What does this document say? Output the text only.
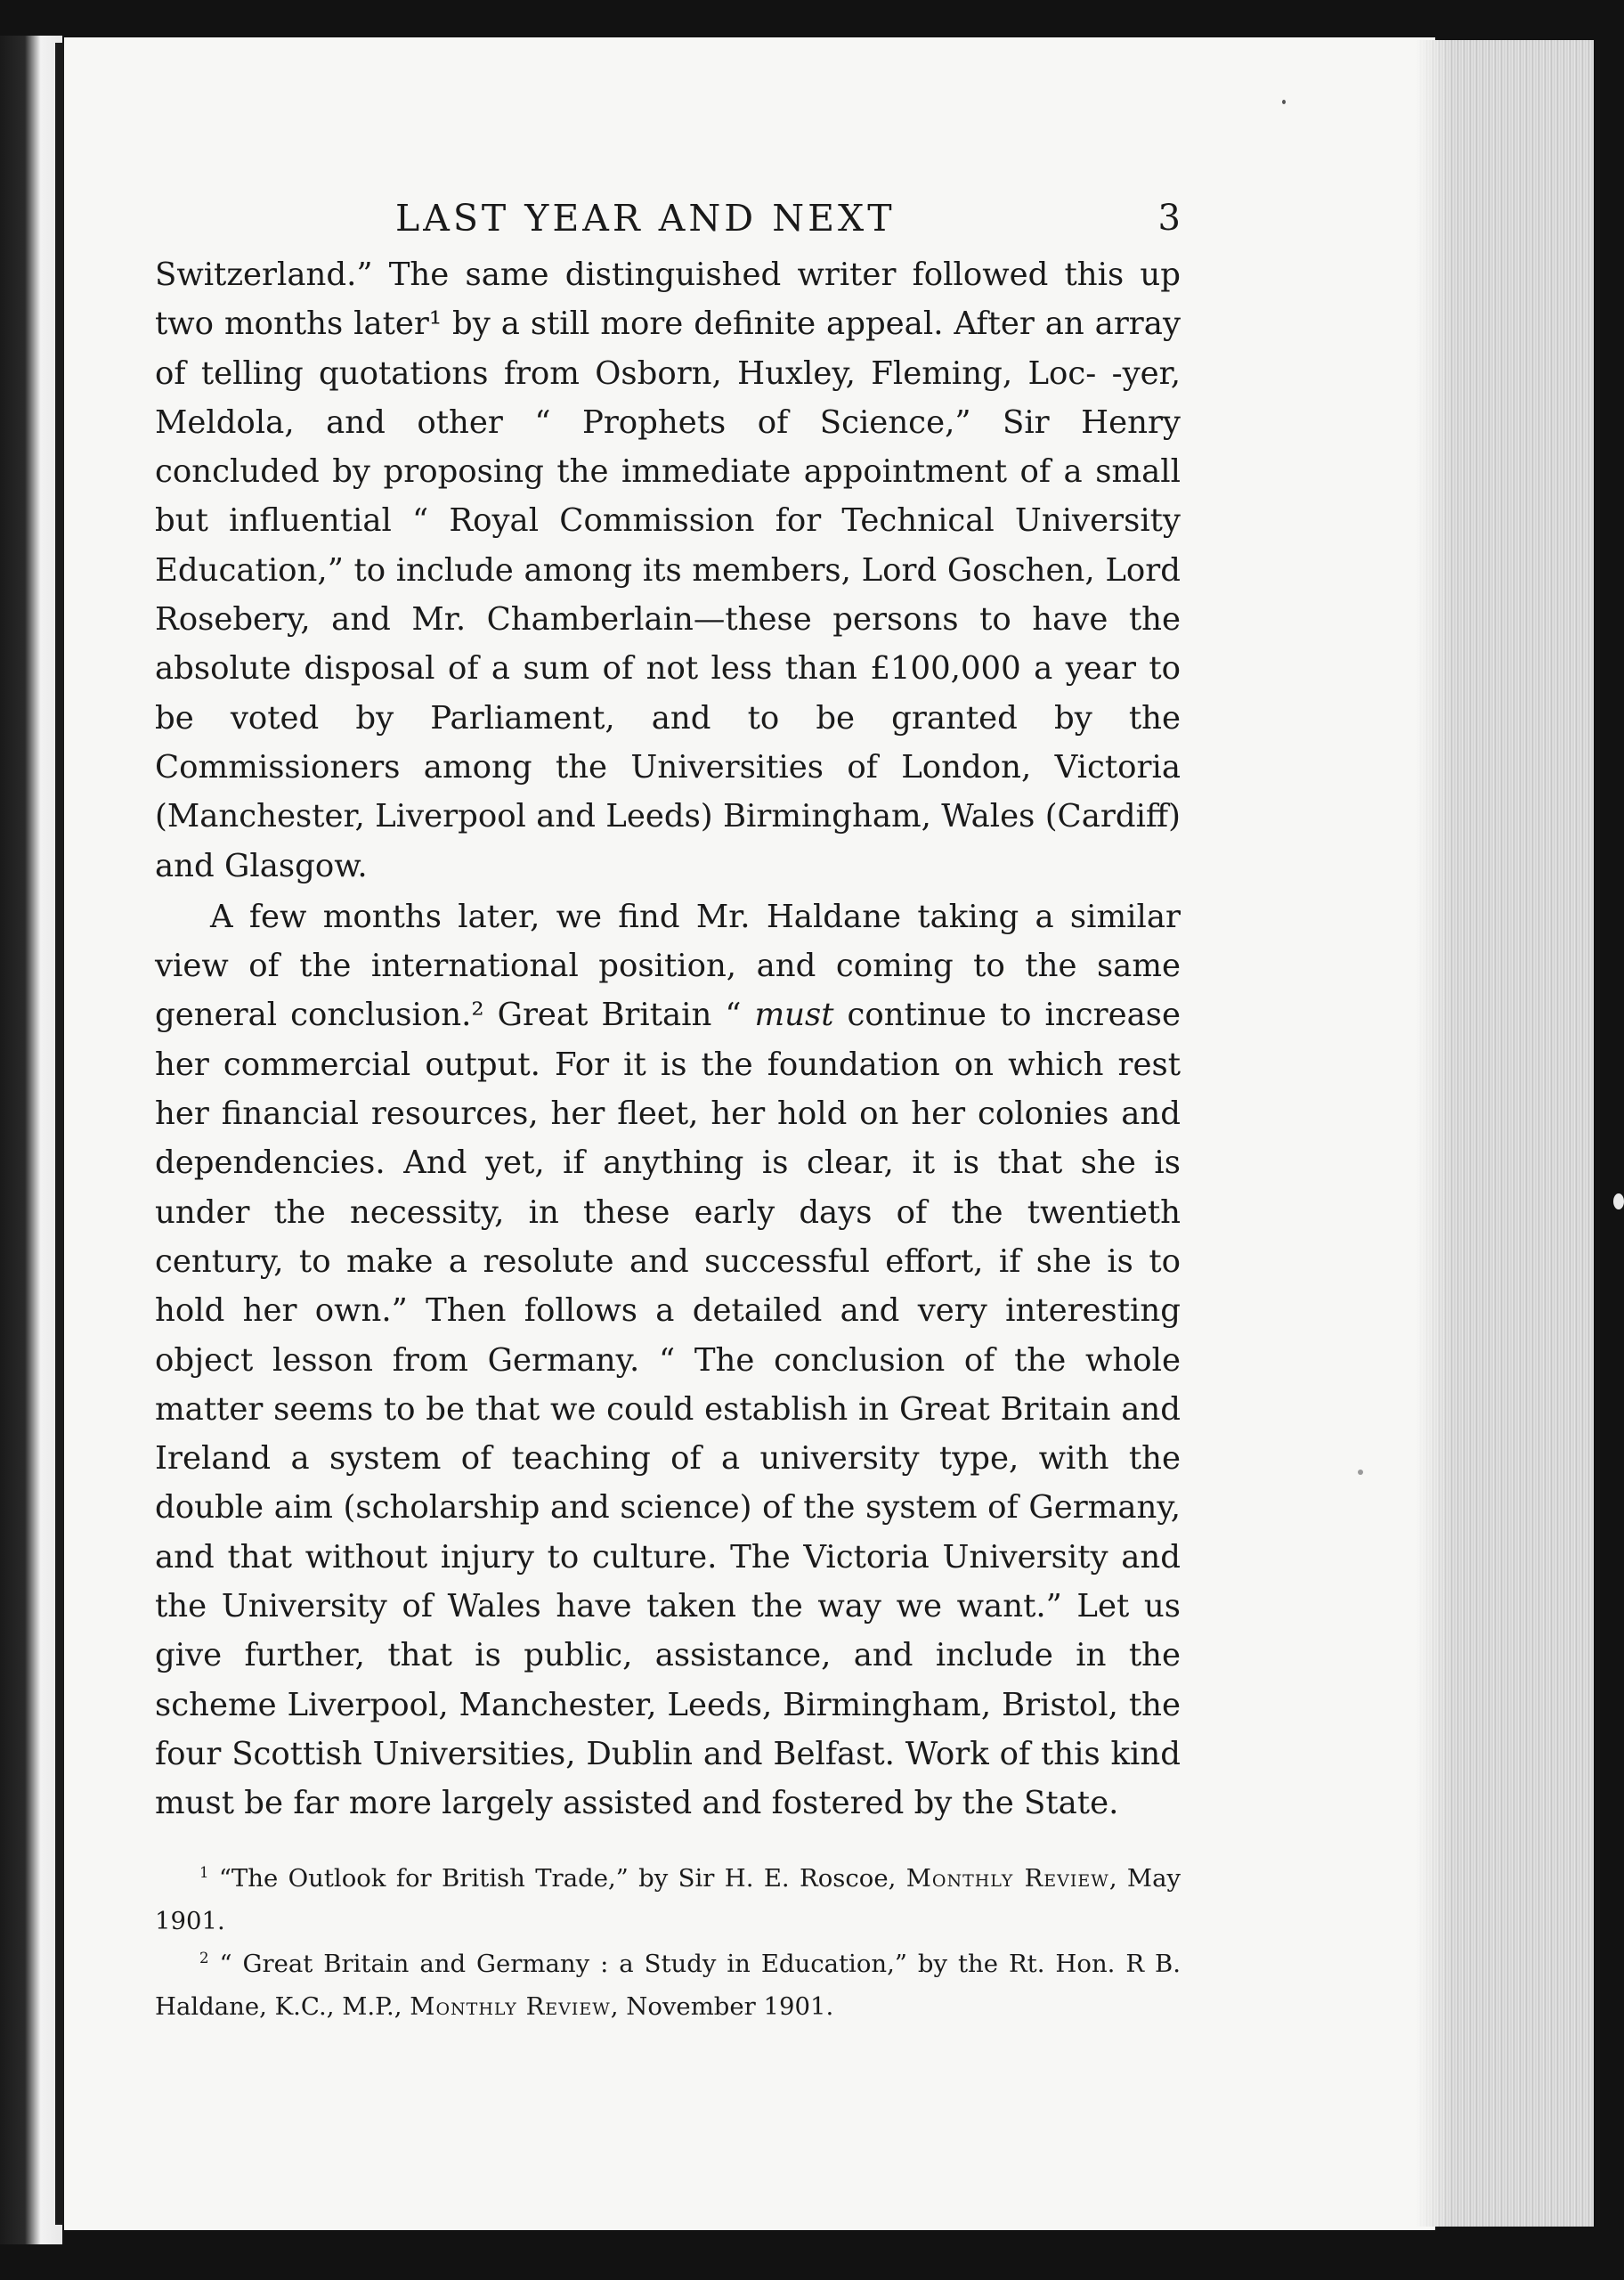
LAST YEAR AND NEXT	3

Switzerland.” The same distinguished writer followed this up two months later¹ by a still more definite appeal. After an array of telling quotations from Osborn, Huxley, Fleming, Loc‑ ‑yer, Meldola, and other “ Prophets of Science,” Sir Henry concluded by proposing the immediate appointment of a small but influential “ Royal Commission for Technical University Education,” to include among its members, Lord Goschen, Lord Rosebery, and Mr. Chamberlain—these persons to have the absolute disposal of a sum of not less than £100,000 a year to be voted by Parliament, and to be granted by the Commissioners among the Universities of London, Victoria (Manchester, Liverpool and Leeds) Birmingham, Wales (Cardiff) and Glasgow.

A few months later, we find Mr. Haldane taking a similar view of the international position, and coming to the same general conclusion.² Great Britain “ must continue to increase her commercial output. For it is the foundation on which rest her financial resources, her fleet, her hold on her colonies and dependencies. And yet, if anything is clear, it is that she is under the necessity, in these early days of the twentieth century, to make a resolute and successful effort, if she is to hold her own.” Then follows a detailed and very interesting object lesson from Germany. “ The conclusion of the whole matter seems to be that we could establish in Great Britain and Ireland a system of teaching of a university type, with the double aim (scholarship and science) of the system of Germany, and that without injury to culture. The Victoria University and the University of Wales have taken the way we want.” Let us give further, that is public, assistance, and include in the scheme Liverpool, Manchester, Leeds, Birmingham, Bristol, the four Scottish Universities, Dublin and Belfast. Work of this kind must be far more largely assisted and fostered by the State.

$^1$ “The Outlook for British Trade,” by Sir H. E. Roscoe, Monthly Review, May 1901.

$^2$ “ Great Britain and Germany : a Study in Education,” by the Rt. Hon. R B. Haldane, K.C., M.P., Monthly Review, November 1901.
